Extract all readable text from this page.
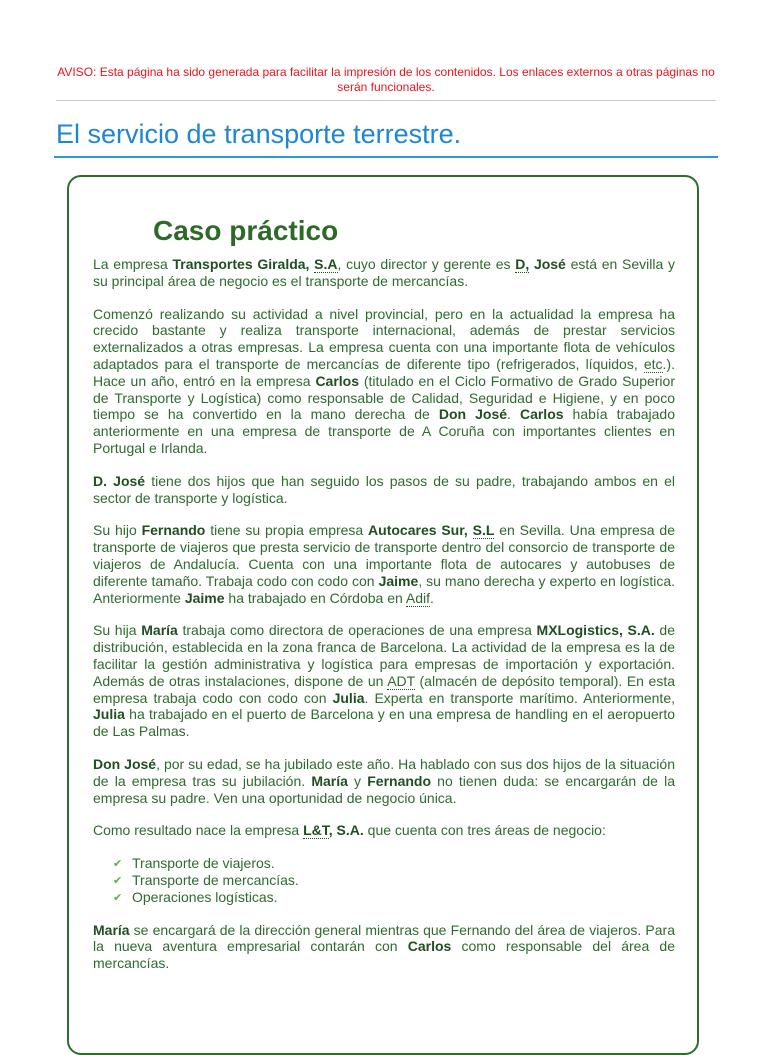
AVISO: Esta página ha sido generada para facilitar la impresión de los contenidos. Los enlaces externos a otras páginas no serán funcionales.
El servicio de transporte terrestre.
Caso práctico

La empresa Transportes Giralda, S.A, cuyo director y gerente es D, José está en Sevilla y su principal área de negocio es el transporte de mercancías.

Comenzó realizando su actividad a nivel provincial, pero en la actualidad la empresa ha crecido bastante y realiza transporte internacional, además de prestar servicios externalizados a otras empresas. La empresa cuenta con una importante flota de vehículos adaptados para el transporte de mercancías de diferente tipo (refrigerados, líquidos, etc.). Hace un año, entró en la empresa Carlos (titulado en el Ciclo Formativo de Grado Superior de Transporte y Logística) como responsable de Calidad, Seguridad e Higiene, y en poco tiempo se ha convertido en la mano derecha de Don José. Carlos había trabajado anteriormente en una empresa de transporte de A Coruña con importantes clientes en Portugal e Irlanda.

D. José tiene dos hijos que han seguido los pasos de su padre, trabajando ambos en el sector de transporte y logística.

Su hijo Fernando tiene su propia empresa Autocares Sur, S.L en Sevilla. Una empresa de transporte de viajeros que presta servicio de transporte dentro del consorcio de transporte de viajeros de Andalucía. Cuenta con una importante flota de autocares y autobuses de diferente tamaño. Trabaja codo con codo con Jaime, su mano derecha y experto en logística. Anteriormente Jaime ha trabajado en Córdoba en Adif.

Su hija María trabaja como directora de operaciones de una empresa MXLogistics, S.A. de distribución, establecida en la zona franca de Barcelona. La actividad de la empresa es la de facilitar la gestión administrativa y logística para empresas de importación y exportación. Además de otras instalaciones, dispone de un ADT (almacén de depósito temporal). En esta empresa trabaja codo con codo con Julia. Experta en transporte marítimo. Anteriormente, Julia ha trabajado en el puerto de Barcelona y en una empresa de handling en el aeropuerto de Las Palmas.

Don José, por su edad, se ha jubilado este año. Ha hablado con sus dos hijos de la situación de la empresa tras su jubilación. María y Fernando no tienen duda: se encargarán de la empresa su padre. Ven una oportunidad de negocio única.

Como resultado nace la empresa L&T, S.A. que cuenta con tres áreas de negocio:

✔ Transporte de viajeros.
✔ Transporte de mercancías.
✔ Operaciones logísticas.

María se encargará de la dirección general mientras que Fernando del área de viajeros. Para la nueva aventura empresarial contarán con Carlos como responsable del área de mercancías.
